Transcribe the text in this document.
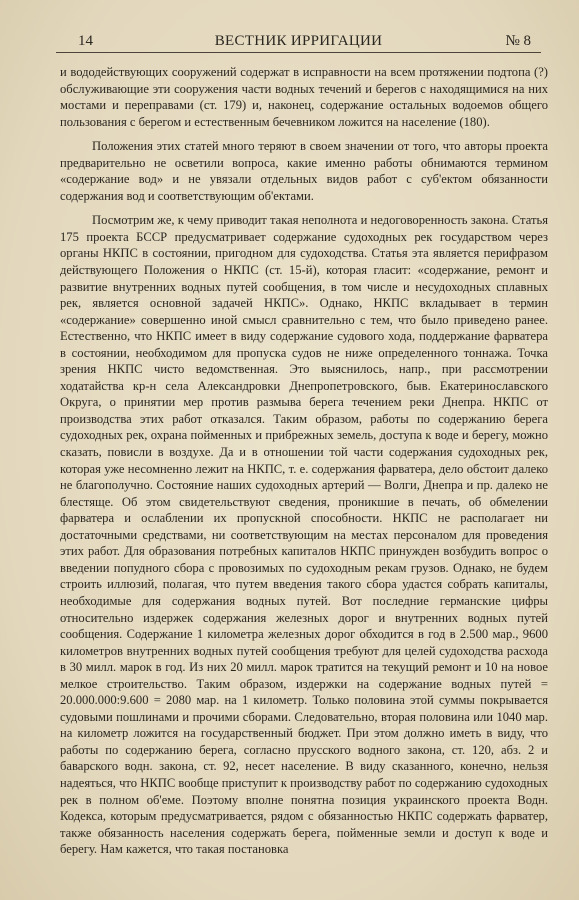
14	ВЕСТНИК ИРРИГАЦИИ	№ 8

и вододействующих сооружений содержат в исправности на всем протяжении подтопа (?) обслуживающие эти сооружения части водных течений и берегов с находящимися на них мостами и переправами (ст. 179) и, наконец, содержание остальных водоемов общего пользования с берегом и естественным бечевником ложится на население (180).

Положения этих статей много теряют в своем значении от того, что авторы проекта предварительно не осветили вопроса, какие именно работы обнимаются термином «содержание вод» и не увязали отдельных видов работ с суб'ектом обязанности содержания вод и соответствующим об'ектами.

Посмотрим же, к чему приводит такая неполнота и недоговоренность закона. Статья 175 проекта БССР предусматривает содержание судоходных рек государством через органы НКПС в состоянии, пригодном для судоходства. Статья эта является перифразом действующего Положения о НКПС (ст. 15-й), которая гласит: «содержание, ремонт и развитие внутренних водных путей сообщения, в том числе и несудоходных сплавных рек, является основной задачей НКПС». Однако, НКПС вкладывает в термин «содержание» совершенно иной смысл сравнительно с тем, что было приведено ранее. Естественно, что НКПС имеет в виду содержание судового хода, поддержание фарватера в состоянии, необходимом для пропуска судов не ниже определенного тоннажа. Точка зрения НКПС чисто ведомственная. Это выяснилось, напр., при рассмотрении ходатайства кр-н села Александровки Днепропетровского, быв. Екатеринославского Округа, о принятии мер против размыва берега течением реки Днепра. НКПС от производства этих работ отказался. Таким образом, работы по содержанию берега судоходных рек, охрана пойменных и прибрежных земель, доступа к воде и берегу, можно сказать, повисли в воздухе. Да и в отношении той части содержания судоходных рек, которая уже несомненно лежит на НКПС, т. е. содержания фарватера, дело обстоит далеко не благополучно. Состояние наших судоходных артерий — Волги, Днепра и пр. далеко не блестяще. Об этом свидетельствуют сведения, проникшие в печать, об обмелении фарватера и ослаблении их пропускной способности. НКПС не располагает ни достаточными средствами, ни соответствующим на местах персоналом для проведения этих работ. Для образования потребных капиталов НКПС принужден возбудить вопрос о введении попудного сбора с провозимых по судоходным рекам грузов. Однако, не будем строить иллюзий, полагая, что путем введения такого сбора удастся собрать капиталы, необходимые для содержания водных путей. Вот последние германские цифры относительно издержек содержания железных дорог и внутренних водных путей сообщения. Содержание 1 километра железных дорог обходится в год в 2.500 мар., 9600 километров внутренних водных путей сообщения требуют для целей судоходства расхода в 30 милл. марок в год. Из них 20 милл. марок тратится на текущий ремонт и 10 на новое мелкое строительство. Таким образом, издержки на содержание водных путей = 20.000.000:9.600 = 2080 мар. на 1 километр. Только половина этой суммы покрывается судовыми пошлинами и прочими сборами. Следовательно, вторая половина или 1040 мар. на километр ложится на государственный бюджет. При этом должно иметь в виду, что работы по содержанию берега, согласно прусского водного закона, ст. 120, абз. 2 и баварского водн. закона, ст. 92, несет население. В виду сказанного, конечно, нельзя надеяться, что НКПС вообще приступит к производству работ по содержанию судоходных рек в полном об'еме. Поэтому вполне понятна позиция украинского проекта Водн. Кодекса, которым предусматривается, рядом с обязанностью НКПС содержать фарватер, также обязанность населения содержать берега, пойменные земли и доступ к воде и берегу. Нам кажется, что такая постановка
